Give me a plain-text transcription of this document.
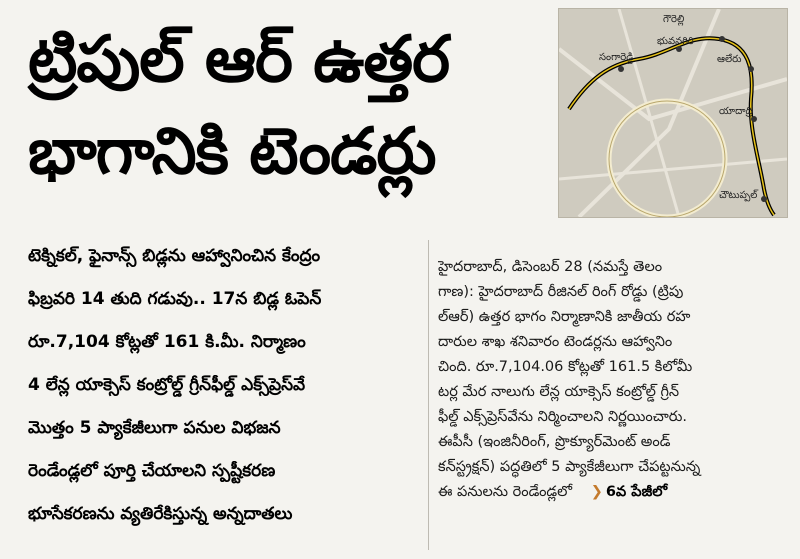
ట్రిపుల్ ఆర్ ఉత్తర
భాగానికి టెండర్లు
గౌరెల్లి
సంగారెడ్డి
భువనగిరి
ఆలేరు
యాదాద్రి
చౌటుప్పల్
టెక్నికల్, ఫైనాన్స్ బిడ్లను ఆహ్వానించిన కేంద్రం
ఫిబ్రవరి 14 తుది గడువు.. 17న బిడ్ల ఓపెన్
రూ.7,104 కోట్లతో 161 కి.మీ. నిర్మాణం
4 లేన్ల యాక్సెస్ కంట్రోల్డ్ గ్రీన్‌ఫీల్డ్ ఎక్స్‌ప్రెస్‌వే
మొత్తం 5 ప్యాకేజీలుగా పనుల విభజన
రెండేండ్లలో పూర్తి చేయాలని స్పష్టీకరణ
భూసేకరణను వ్యతిరేకిస్తున్న అన్నదాతలు
హైదరాబాద్, డిసెంబర్ 28 (నమస్తే తెలం
గాణ): హైదరాబాద్ రీజినల్ రింగ్ రోడ్డు (ట్రిపు
ల్ఆర్) ఉత్తర భాగం నిర్మాణానికి జాతీయ రహ
దారుల శాఖ శనివారం టెండర్లను ఆహ్వానిం
చింది. రూ.7,104.06 కోట్లతో 161.5 కిలోమీ
టర్ల మేర నాలుగు లేన్ల యాక్సెస్ కంట్రోల్డ్ గ్రీన్
ఫీల్డ్ ఎక్స్‌ప్రెస్‌వేను నిర్మించాలని నిర్ణయించారు.
ఈపీసీ (ఇంజినీరింగ్, ప్రొక్యూర్‌మెంట్ అండ్
కన్‌స్ట్రక్షన్) పద్ధతిలో 5 ప్యాకేజీలుగా చేపట్టనున్న
ఈ పనులను రెండేండ్లలో ❯ 6వ పేజీలో
